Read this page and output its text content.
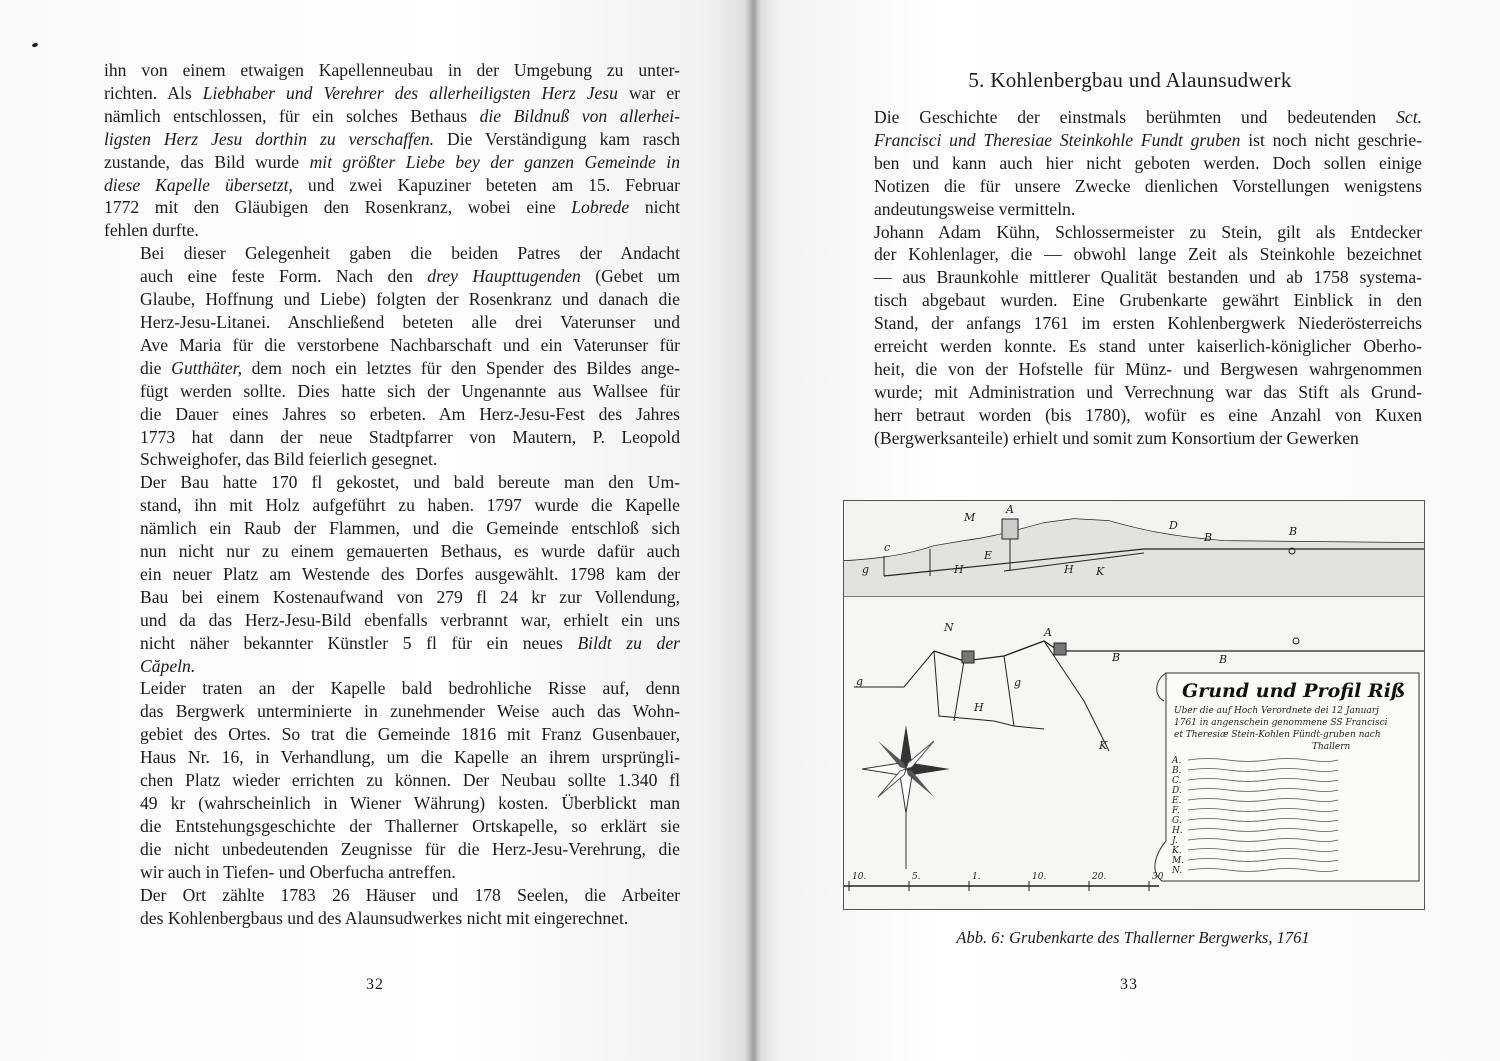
ihn von einem etwaigen Kapellenneubau in der Umgebung zu unter-
richten. Als Liebhaber und Verehrer des allerheiligsten Herz Jesu war er
nämlich entschlossen, für ein solches Bethaus die Bildnuß von allerhei-
ligsten Herz Jesu dorthin zu verschaffen. Die Verständigung kam rasch
zustande, das Bild wurde mit größter Liebe bey der ganzen Gemeinde in
diese Kapelle übersetzt, und zwei Kapuziner beteten am 15. Februar
1772 mit den Gläubigen den Rosenkranz, wobei eine Lobrede nicht
fehlen durfte.

Bei dieser Gelegenheit gaben die beiden Patres der Andacht
auch eine feste Form. Nach den drey Haupttugenden (Gebet um
Glaube, Hoffnung und Liebe) folgten der Rosenkranz und danach die
Herz-Jesu-Litanei. Anschließend beteten alle drei Vaterunser und
Ave Maria für die verstorbene Nachbarschaft und ein Vaterunser für
die Gutthäter, dem noch ein letztes für den Spender des Bildes ange-
fügt werden sollte. Dies hatte sich der Ungenannte aus Wallsee für
die Dauer eines Jahres so erbeten. Am Herz-Jesu-Fest des Jahres
1773 hat dann der neue Stadtpfarrer von Mautern, P. Leopold
Schweighofer, das Bild feierlich gesegnet.

Der Bau hatte 170 fl gekostet, und bald bereute man den Um-
stand, ihn mit Holz aufgeführt zu haben. 1797 wurde die Kapelle
nämlich ein Raub der Flammen, und die Gemeinde entschloß sich
nun nicht nur zu einem gemauerten Bethaus, es wurde dafür auch
ein neuer Platz am Westende des Dorfes ausgewählt. 1798 kam der
Bau bei einem Kostenaufwand von 279 fl 24 kr zur Vollendung,
und da das Herz-Jesu-Bild ebenfalls verbrannt war, erhielt ein uns
nicht näher bekannter Künstler 5 fl für ein neues Bildt zu der
Căpeln.

Leider traten an der Kapelle bald bedrohliche Risse auf, denn
das Bergwerk unterminierte in zunehmender Weise auch das Wohn-
gebiet des Ortes. So trat die Gemeinde 1816 mit Franz Gusenbauer,
Haus Nr. 16, in Verhandlung, um die Kapelle an ihrem ursprüngli-
chen Platz wieder errichten zu können. Der Neubau sollte 1.340 fl
49 kr (wahrscheinlich in Wiener Währung) kosten. Überblickt man
die Entstehungsgeschichte der Thallerner Ortskapelle, so erklärt sie
die nicht unbedeutenden Zeugnisse für die Herz-Jesu-Verehrung, die
wir auch in Tiefen- und Oberfucha antreffen.

Der Ort zählte 1783 26 Häuser und 178 Seelen, die Arbeiter
des Kohlenbergbaus und des Alaunsudwerkes nicht mit eingerechnet.

32
5. Kohlenbergbau und Alaunsudwerk

Die Geschichte der einstmals berühmten und bedeutenden Sct.
Francisci und Theresiae Steinkohle Fundt gruben ist noch nicht geschrie-
ben und kann auch hier nicht geboten werden. Doch sollen einige
Notizen die für unsere Zwecke dienlichen Vorstellungen wenigstens
andeutungsweise vermitteln.

Johann Adam Kühn, Schlossermeister zu Stein, gilt als Entdecker
der Kohlenlager, die — obwohl lange Zeit als Steinkohle bezeichnet
— aus Braunkohle mittlerer Qualität bestanden und ab 1758 systema-
tisch abgebaut wurden. Eine Grubenkarte gewährt Einblick in den
Stand, der anfangs 1761 im ersten Kohlenbergwerk Niederösterreichs
erreicht werden konnte. Es stand unter kaiserlich-königlicher Oberho-
heit, die von der Hofstelle für Münz- und Bergwesen wahrgenommen
wurde; mit Administration und Verrechnung war das Stift als Grund-
herr betraut worden (bis 1780), wofür es eine Anzahl von Kuxen
(Bergwerksanteile) erhielt und somit zum Konsortium der Gewerken

A
M
D
B	B
c
g
E
H	H K
N	A
B	B
g
H
K
g	Grund und Profil Riß
Uber die auf Hoch Verordnete dei 12 Januarj
1761 in angenschein genommene SS Francisci
et Theresiæ Stein-Kohlen Fündt-gruben nach
Thallern
A.
B.
C.
D.
E.
F.
G.
H.
J.
K.
M.
N.
10.	5.	1.	10.	20.	30
Abb. 6: Grubenkarte des Thallerner Bergwerks, 1761
33
